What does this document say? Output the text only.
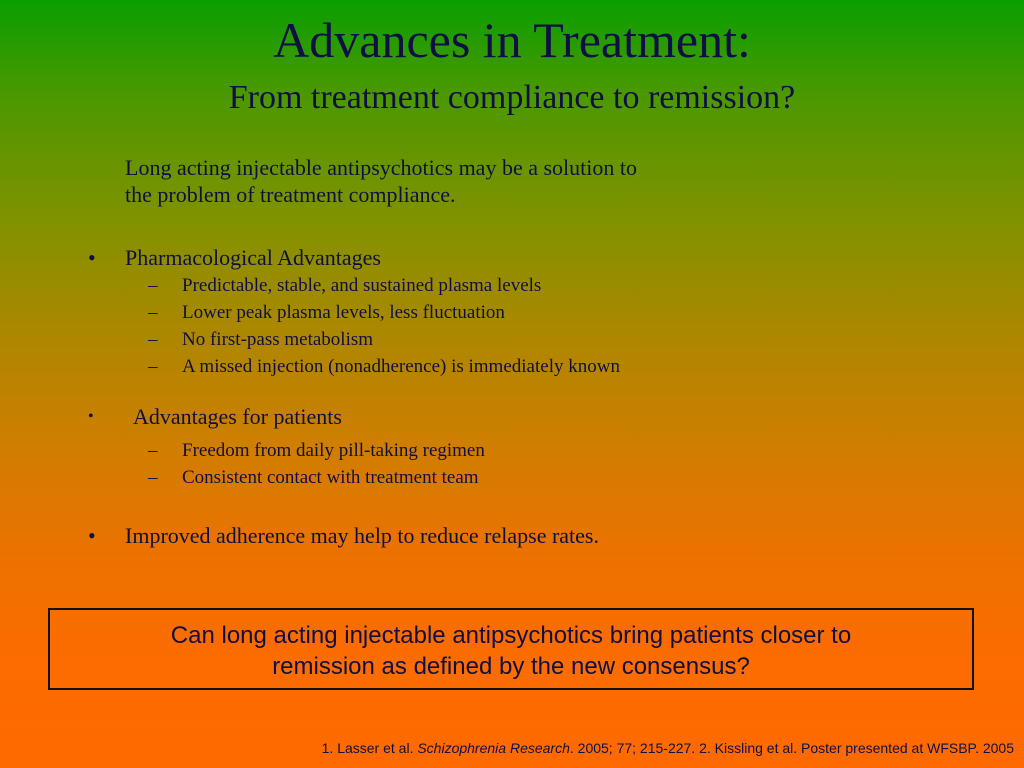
Advances in Treatment:
From treatment compliance to remission?
Long acting injectable antipsychotics may be a solution to
the problem of treatment compliance.
• Pharmacological Advantages
– Predictable, stable, and sustained plasma levels
– Lower peak plasma levels, less fluctuation
– No first-pass metabolism
– A missed injection (nonadherence) is immediately known
• Advantages for patients
– Freedom from daily pill-taking regimen
– Consistent contact with treatment team
• Improved adherence may help to reduce relapse rates.
Can long acting injectable antipsychotics bring patients closer to
remission as defined by the new consensus?
1. Lasser et al. Schizophrenia Research. 2005; 77; 215-227. 2. Kissling et al. Poster presented at WFSBP. 2005
